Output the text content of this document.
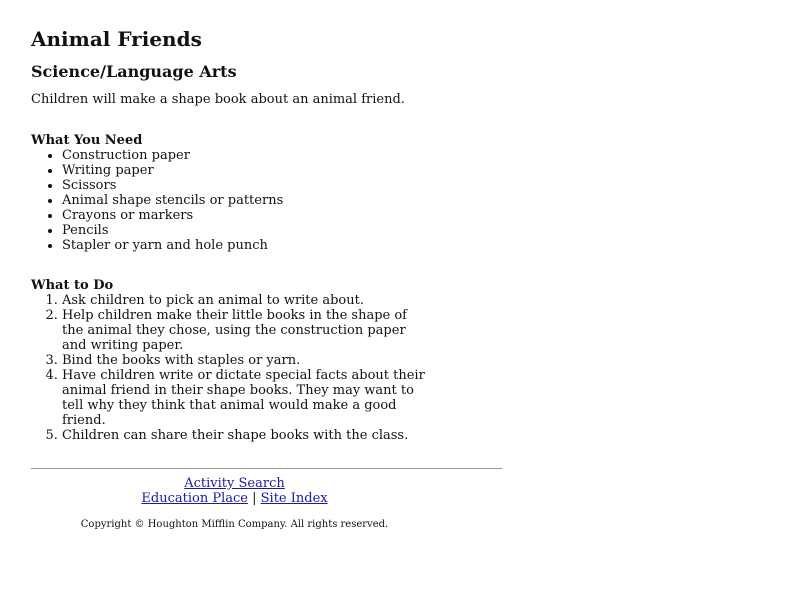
Animal Friends
Science/Language Arts

Children will make a shape book about an animal friend.

What You Need
• Construction paper
• Writing paper
• Scissors
• Animal shape stencils or patterns
• Crayons or markers
• Pencils
• Stapler or yarn and hole punch
What to Do
1. Ask children to pick an animal to write about.
2. Help children make their little books in the shape of the animal they chose, using the construction paper and writing paper.
3. Bind the books with staples or yarn.
4. Have children write or dictate special facts about their animal friend in their shape books. They may want to tell why they think that animal would make a good friend.
5. Children can share their shape books with the class.
Activity Search
Education Place | Site Index
Copyright © Houghton Mifflin Company. All rights reserved.
